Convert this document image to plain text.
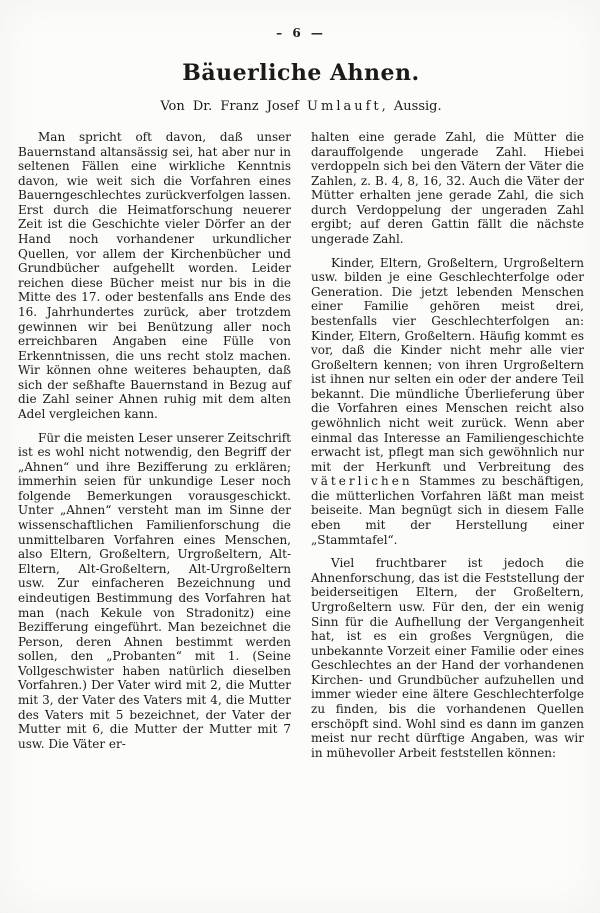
– 6 —
Bäuerliche Ahnen.
Von Dr. Franz Josef Umlauft, Aussig.

Man spricht oft davon, daß unser Bauernstand altansässig sei, hat aber nur in seltenen Fällen eine wirkliche Kenntnis davon, wie weit sich die Vorfahren eines Bauerngeschlechtes zurückverfolgen lassen. Erst durch die Heimatforschung neuerer Zeit ist die Geschichte vieler Dörfer an der Hand noch vorhandener urkundlicher Quellen, vor allem der Kirchenbücher und Grundbücher aufgehellt worden. Leider reichen diese Bücher meist nur bis in die Mitte des 17. oder bestenfalls ans Ende des 16. Jahrhundertes zurück, aber trotzdem gewinnen wir bei Benützung aller noch erreichbaren Angaben eine Fülle von Erkenntnissen, die uns recht stolz machen. Wir können ohne weiteres behaupten, daß sich der seßhafte Bauernstand in Bezug auf die Zahl seiner Ahnen ruhig mit dem alten Adel vergleichen kann.

Für die meisten Leser unserer Zeitschrift ist es wohl nicht notwendig, den Begriff der „Ahnen“ und ihre Bezifferung zu erklären; immerhin seien für unkundige Leser noch folgende Bemerkungen vorausgeschickt. Unter „Ahnen“ versteht man im Sinne der wissenschaftlichen Familienforschung die unmittelbaren Vorfahren eines Menschen, also Eltern, Großeltern, Urgroßeltern, Alt-Eltern, Alt-Großeltern, Alt-Urgroßeltern usw. Zur einfacheren Bezeichnung und eindeutigen Bestimmung des Vorfahren hat man (nach Kekule von Stradonitz) eine Bezifferung eingeführt. Man bezeichnet die Person, deren Ahnen bestimmt werden sollen, den „Probanten“ mit 1. (Seine Vollgeschwister haben natürlich dieselben Vorfahren.) Der Vater wird mit 2, die Mutter mit 3, der Vater des Vaters mit 4, die Mutter des Vaters mit 5 bezeichnet, der Vater der Mutter mit 6, die Mutter der Mutter mit 7 usw. Die Väter er-

halten eine gerade Zahl, die Mütter die darauffolgende ungerade Zahl. Hiebei verdoppeln sich bei den Vätern der Väter die Zahlen, z. B. 4, 8, 16, 32. Auch die Väter der Mütter erhalten jene gerade Zahl, die sich durch Verdoppelung der ungeraden Zahl ergibt; auf deren Gattin fällt die nächste ungerade Zahl.

Kinder, Eltern, Großeltern, Urgroßeltern usw. bilden je eine Geschlechterfolge oder Generation. Die jetzt lebenden Menschen einer Familie gehören meist drei, bestenfalls vier Geschlechterfolgen an: Kinder, Eltern, Großeltern. Häufig kommt es vor, daß die Kinder nicht mehr alle vier Großeltern kennen; von ihren Urgroßeltern ist ihnen nur selten ein oder der andere Teil bekannt. Die mündliche Überlieferung über die Vorfahren eines Menschen reicht also gewöhnlich nicht weit zurück. Wenn aber einmal das Interesse an Familiengeschichte erwacht ist, pflegt man sich gewöhnlich nur mit der Herkunft und Verbreitung des väterlichen Stammes zu beschäftigen, die mütterlichen Vorfahren läßt man meist beiseite. Man begnügt sich in diesem Falle eben mit der Herstellung einer „Stammtafel“.

Viel fruchtbarer ist jedoch die Ahnenforschung, das ist die Feststellung der beiderseitigen Eltern, der Großeltern, Urgroßeltern usw. Für den, der ein wenig Sinn für die Aufhellung der Vergangenheit hat, ist es ein großes Vergnügen, die unbekannte Vorzeit einer Familie oder eines Geschlechtes an der Hand der vorhandenen Kirchen- und Grundbücher aufzuhellen und immer wieder eine ältere Geschlechterfolge zu finden, bis die vorhandenen Quellen erschöpft sind. Wohl sind es dann im ganzen meist nur recht dürftige Angaben, was wir in mühevoller Arbeit feststellen können:
